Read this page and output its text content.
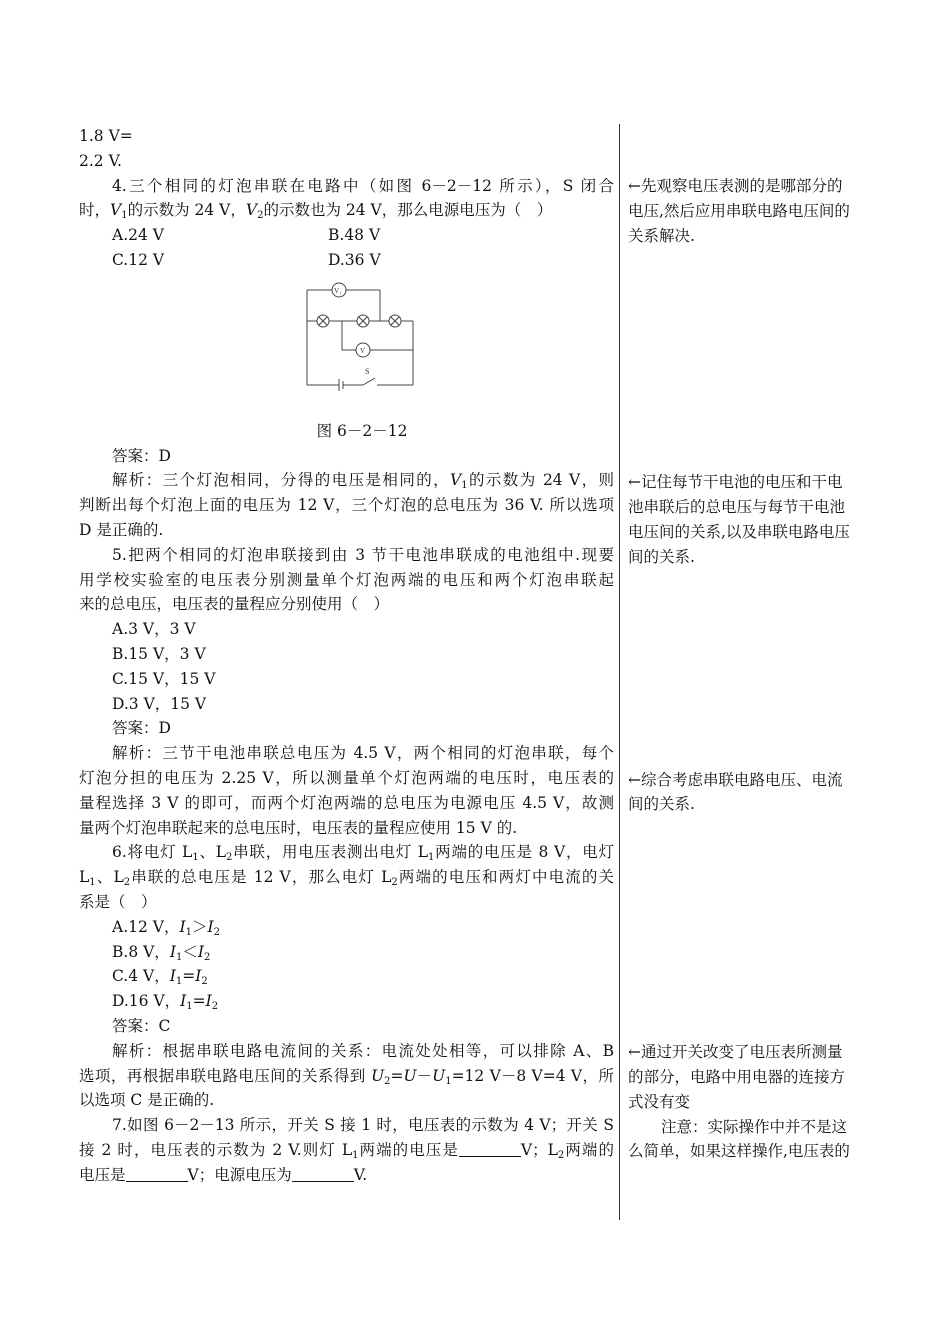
1.8 V=
2.2 V.
4.三个相同的灯泡串联在电路中（如图 6－2－12 所示），S 闭合
时，$V_1$的示数为 24 V，$V_2$的示数也为 24 V，那么电源电压为（　）
A.24 V	B.48 V
C.12 V	D.36 V
V₁
V
S
图 6－2－12
答案：D
解析：三个灯泡相同，分得的电压是相同的，$V_1$的示数为 24 V，则
判断出每个灯泡上面的电压为 12 V，三个灯泡的总电压为 36 V. 所以选项
D 是正确的.
5.把两个相同的灯泡串联接到由 3 节干电池串联成的电池组中.现要
用学校实验室的电压表分别测量单个灯泡两端的电压和两个灯泡串联起
来的总电压，电压表的量程应分别使用（　）
A.3 V，3 V
B.15 V，3 V
C.15 V，15 V
D.3 V，15 V
答案：D
解析：三节干电池串联总电压为 4.5 V，两个相同的灯泡串联，每个
灯泡分担的电压为 2.25 V，所以测量单个灯泡两端的电压时，电压表的
量程选择 3 V 的即可，而两个灯泡两端的总电压为电源电压 4.5 V，故测
量两个灯泡串联起来的总电压时，电压表的量程应使用 15 V 的.
6.将电灯 $L_1$、$L_2$串联，用电压表测出电灯 $L_1$两端的电压是 8 V，电灯
$L_1$、$L_2$串联的总电压是 12 V，那么电灯 $L_2$两端的电压和两灯中电流的关
系是（　）
A.12 V，$I_1>I_2$
B.8 V，$I_1<I_2$
C.4 V，$I_1=I_2$
D.16 V，$I_1=I_2$
答案：C
解析：根据串联电路电流间的关系：电流处处相等，可以排除 A、B
选项，再根据串联电路电压间的关系得到 $U_2=U-U_1=12$ V－8 V=4 V，所
以选项 C 是正确的.
7.如图 6－2－13 所示，开关 S 接 1 时，电压表的示数为 4 V；开关 S
接 2 时，电压表的示数为 2 V.则灯 $L_1$两端的电压是	V；$L_2$两端的
电压是	V；电源电压为	V.
←先观察电压表测的是哪部分的
电压,然后应用串联电路电压间的
关系解决.
←记住每节干电池的电压和干电
池串联后的总电压与每节干电池
电压间的关系,以及串联电路电压
间的关系.
←综合考虑串联电路电压、电流
间的关系.
←通过开关改变了电压表所测量
的部分，电路中用电器的连接方
式没有变
注意：实际操作中并不是这
么简单，如果这样操作,电压表的
